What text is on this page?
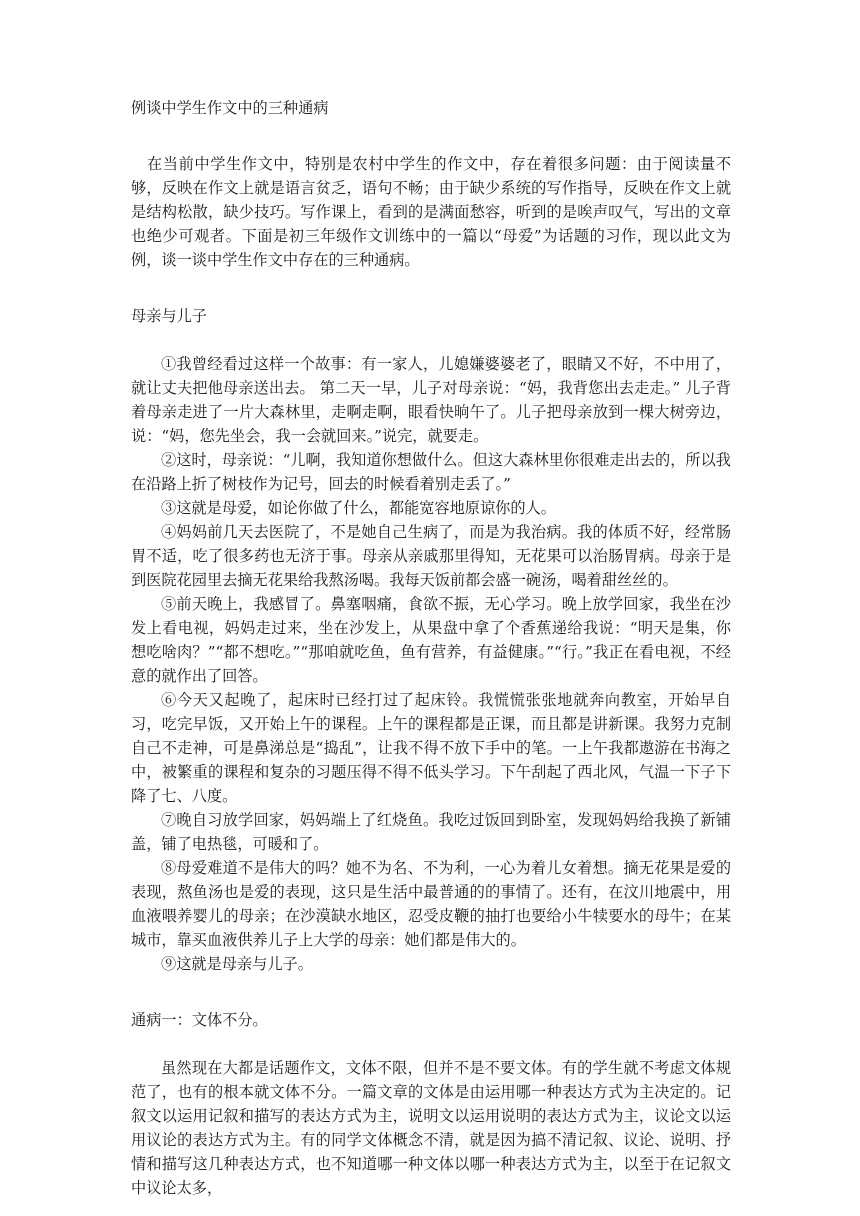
例谈中学生作文中的三种通病

在当前中学生作文中，特别是农村中学生的作文中，存在着很多问题：由于阅读量不够，反映在作文上就是语言贫乏，语句不畅；由于缺少系统的写作指导，反映在作文上就是结构松散，缺少技巧。写作课上，看到的是满面愁容，听到的是唉声叹气，写出的文章也绝少可观者。下面是初三年级作文训练中的一篇以“母爱”为话题的习作，现以此文为例，谈一谈中学生作文中存在的三种通病。

母亲与儿子

①我曾经看过这样一个故事：有一家人，儿媳嫌婆婆老了，眼睛又不好，不中用了，就让丈夫把他母亲送出去。 第二天一早，儿子对母亲说：“妈，我背您出去走走。” 儿子背着母亲走进了一片大森林里，走啊走啊，眼看快晌午了。儿子把母亲放到一棵大树旁边，说：“妈，您先坐会，我一会就回来。”说完，就要走。

②这时，母亲说：“儿啊，我知道你想做什么。但这大森林里你很难走出去的，所以我在沿路上折了树枝作为记号，回去的时候看着别走丢了。”

③这就是母爱，如论你做了什么，都能宽容地原谅你的人。

④妈妈前几天去医院了，不是她自己生病了，而是为我治病。我的体质不好，经常肠胃不适，吃了很多药也无济于事。母亲从亲戚那里得知，无花果可以治肠胃病。母亲于是到医院花园里去摘无花果给我熬汤喝。我每天饭前都会盛一碗汤，喝着甜丝丝的。

⑤前天晚上，我感冒了。鼻塞咽痛，食欲不振，无心学习。晚上放学回家，我坐在沙发上看电视，妈妈走过来，坐在沙发上，从果盘中拿了个香蕉递给我说：“明天是集，你想吃啥肉？”“都不想吃。”“那咱就吃鱼，鱼有营养，有益健康。”“行。”我正在看电视，不经意的就作出了回答。

⑥今天又起晚了，起床时已经打过了起床铃。我慌慌张张地就奔向教室，开始早自习，吃完早饭，又开始上午的课程。上午的课程都是正课，而且都是讲新课。我努力克制自己不走神，可是鼻涕总是“捣乱”，让我不得不放下手中的笔。一上午我都遨游在书海之中，被繁重的课程和复杂的习题压得不得不低头学习。下午刮起了西北风，气温一下子下降了七、八度。

⑦晚自习放学回家，妈妈端上了红烧鱼。我吃过饭回到卧室，发现妈妈给我换了新铺盖，铺了电热毯，可暖和了。

⑧母爱难道不是伟大的吗？她不为名、不为利，一心为着儿女着想。摘无花果是爱的表现，熬鱼汤也是爱的表现，这只是生活中最普通的的事情了。还有，在汶川地震中，用血液喂养婴儿的母亲；在沙漠缺水地区，忍受皮鞭的抽打也要给小牛犊要水的母牛；在某城市，靠买血液供养儿子上大学的母亲：她们都是伟大的。

⑨这就是母亲与儿子。

通病一：文体不分。

虽然现在大都是话题作文，文体不限，但并不是不要文体。有的学生就不考虑文体规范了，也有的根本就文体不分。一篇文章的文体是由运用哪一种表达方式为主决定的。记叙文以运用记叙和描写的表达方式为主，说明文以运用说明的表达方式为主，议论文以运用议论的表达方式为主。有的同学文体概念不清，就是因为搞不清记叙、议论、说明、抒情和描写这几种表达方式，也不知道哪一种文体以哪一种表达方式为主，以至于在记叙文中议论太多，
